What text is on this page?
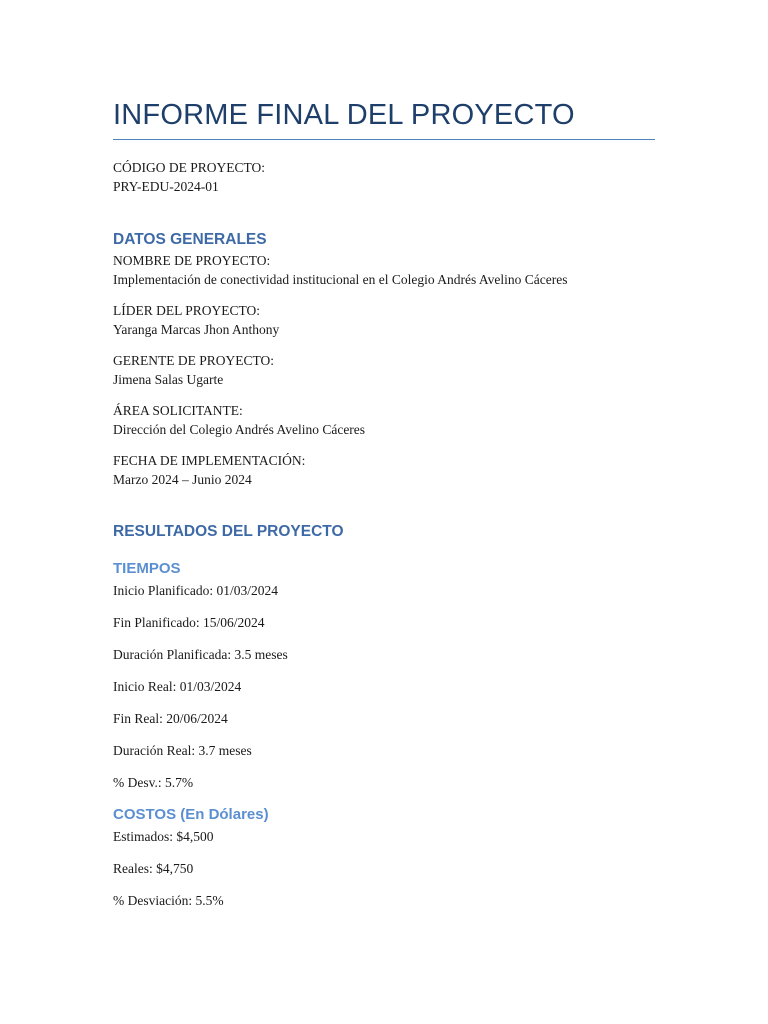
INFORME FINAL DEL PROYECTO
CÓDIGO DE PROYECTO:
PRY-EDU-2024-01
DATOS GENERALES
NOMBRE DE PROYECTO:
Implementación de conectividad institucional en el Colegio Andrés Avelino Cáceres
LÍDER DEL PROYECTO:
Yaranga Marcas Jhon Anthony
GERENTE DE PROYECTO:
Jimena Salas Ugarte
ÁREA SOLICITANTE:
Dirección del Colegio Andrés Avelino Cáceres
FECHA DE IMPLEMENTACIÓN:
Marzo 2024 – Junio 2024
RESULTADOS DEL PROYECTO
TIEMPOS
Inicio Planificado: 01/03/2024
Fin Planificado: 15/06/2024
Duración Planificada: 3.5 meses
Inicio Real: 01/03/2024
Fin Real: 20/06/2024
Duración Real: 3.7 meses
% Desv.: 5.7%
COSTOS (En Dólares)
Estimados: $4,500
Reales: $4,750
% Desviación: 5.5%
